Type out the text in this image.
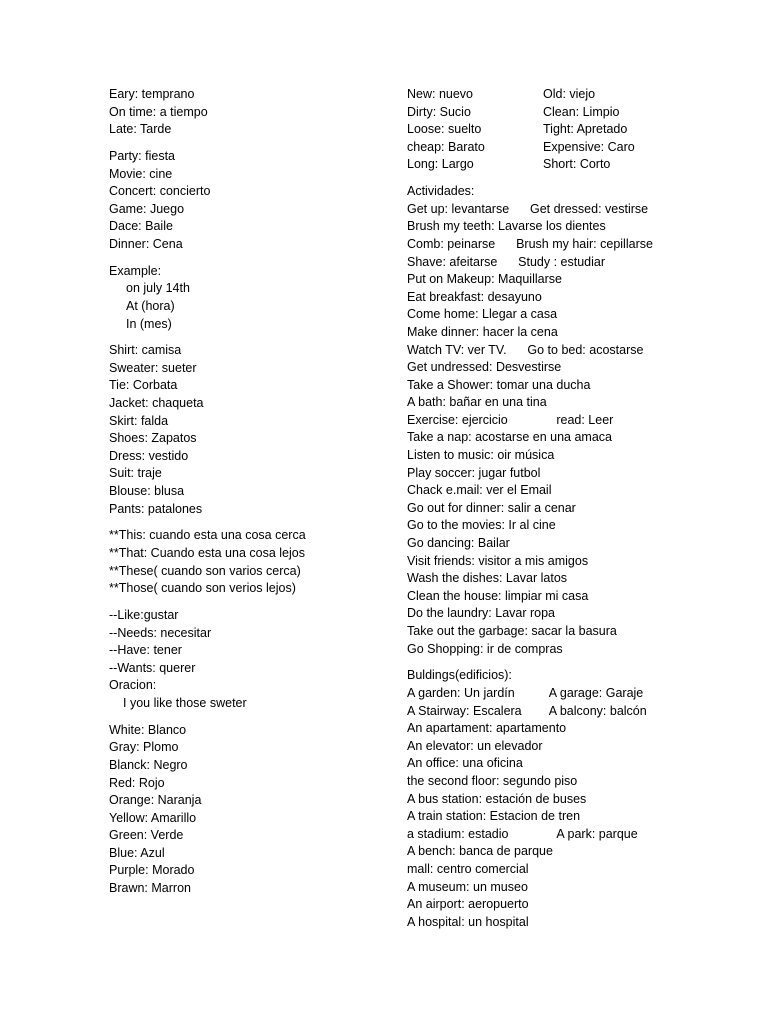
Eary: temprano
On time: a tiempo
Late: Tarde
Party: fiesta
Movie: cine
Concert: concierto
Game: Juego
Dace: Baile
Dinner: Cena
Example:
on july 14th
At (hora)
In (mes)
Shirt: camisa
Sweater: sueter
Tie: Corbata
Jacket: chaqueta
Skirt: falda
Shoes: Zapatos
Dress: vestido
Suit: traje
Blouse: blusa
Pants: patalones
**This: cuando esta una cosa cerca
**That: Cuando esta una cosa lejos
**These( cuando son varios cerca)
**Those( cuando son verios lejos)
--Like:gustar
--Needs: necesitar
--Have: tener
--Wants: querer
Oracion:
I you like those sweter
White: Blanco
Gray: Plomo
Blanck: Negro
Red: Rojo
Orange: Naranja
Yellow: Amarillo
Green: Verde
Blue: Azul
Purple: Morado
Brawn: Marron
New: nuevo	Old: viejo
Dirty: Sucio	Clean: Limpio
Loose: suelto	Tight: Apretado
cheap: Barato	Expensive: Caro
Long: Largo	Short: Corto
Actividades:
Get up: levantarse      Get dressed: vestirse
Brush my teeth: Lavarse los dientes
Comb: peinarse      Brush my hair: cepillarse
Shave: afeitarse      Study : estudiar
Put on Makeup: Maquillarse
Eat breakfast: desayuno
Come home: Llegar a casa
Make dinner: hacer la cena
Watch TV: ver TV.      Go to bed: acostarse
Get undressed: Desvestirse
Take a Shower: tomar una ducha
A bath: bañar en una tina
Exercise: ejercicio              read: Leer
Take a nap: acostarse en una amaca
Listen to music: oir música
Play soccer: jugar futbol
Chack e.mail: ver el Email
Go out for dinner: salir a cenar
Go to the movies: Ir al cine
Go dancing: Bailar
Visit friends: visitor a mis amigos
Wash the dishes: Lavar latos
Clean the house: limpiar mi casa
Do the laundry: Lavar ropa
Take out the garbage: sacar la basura
Go Shopping: ir de compras
Buldings(edificios):
A garden: Un jardín          A garage: Garaje
A Stairway: Escalera        A balcony: balcón
An apartament: apartamento
An elevator: un elevador
An office: una oficina
the second floor: segundo piso
A bus station: estación de buses
A train station: Estacion de tren
a stadium: estadio              A park: parque
A bench: banca de parque
mall: centro comercial
A museum: un museo
An airport: aeropuerto
A hospital: un hospital
